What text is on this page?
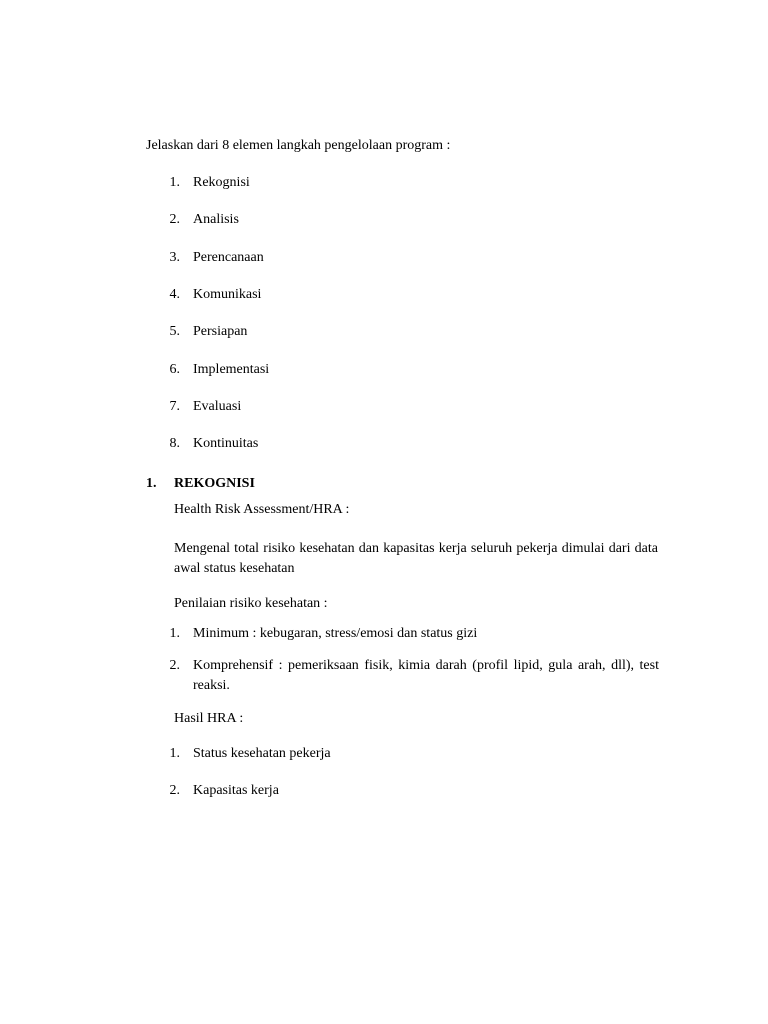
Jelaskan dari 8 elemen langkah pengelolaan program :
1. Rekognisi
2. Analisis
3. Perencanaan
4. Komunikasi
5. Persiapan
6. Implementasi
7. Evaluasi
8. Kontinuitas
1. REKOGNISI
Health Risk Assessment/HRA :
Mengenal total risiko kesehatan dan kapasitas kerja seluruh pekerja dimulai dari data awal status kesehatan
Penilaian risiko kesehatan :
1. Minimum : kebugaran, stress/emosi dan status gizi
2. Komprehensif : pemeriksaan fisik, kimia darah (profil lipid, gula arah, dll), test reaksi.
Hasil HRA :
1. Status kesehatan pekerja
2. Kapasitas kerja
